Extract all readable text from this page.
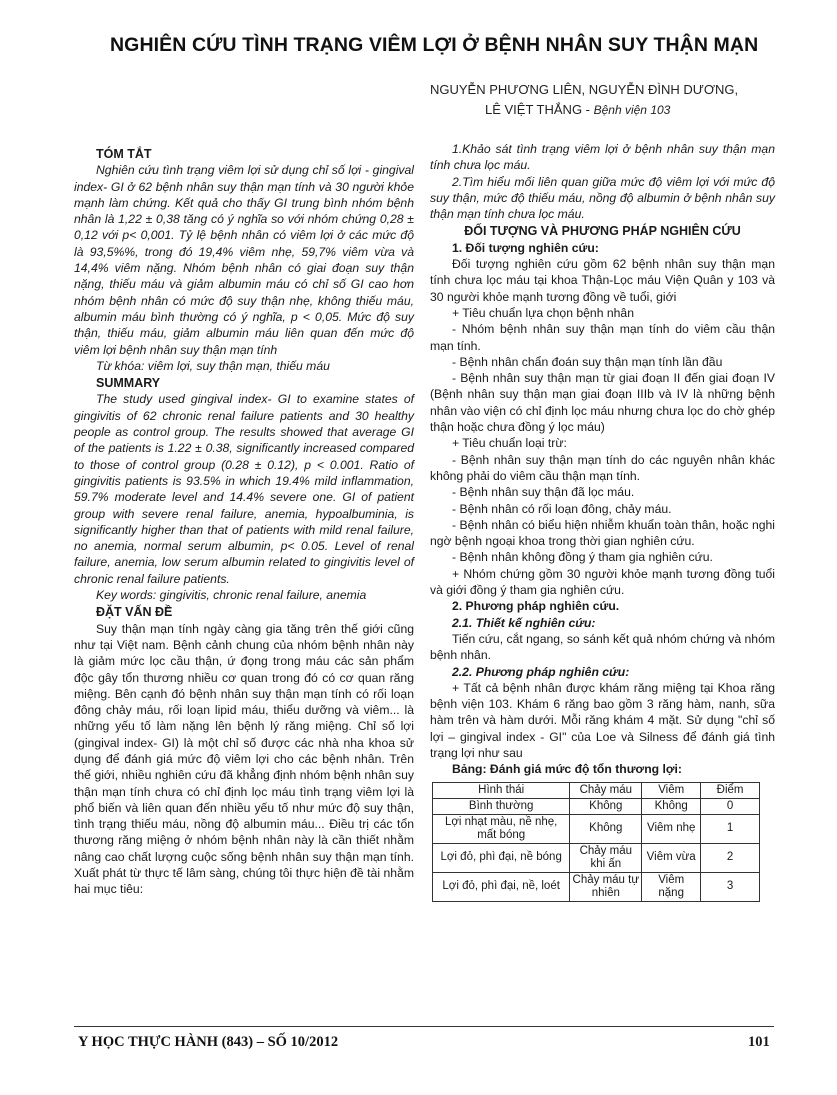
NGHIÊN CỨU TÌNH TRẠNG VIÊM LỢI Ở BỆNH NHÂN SUY THẬN MẠN
NGUYỄN PHƯƠNG LIÊN, NGUYỄN ĐÌNH DƯƠNG,
LÊ VIỆT THẮNG - Bệnh viện 103
TÓM TẮT

Nghiên cứu tình trạng viêm lợi sử dụng chỉ số lợi - gingival index- GI ở 62 bệnh nhân suy thận mạn tính và 30 người khỏe mạnh làm chứng. Kết quả cho thấy GI trung bình nhóm bệnh nhân là 1,22 ± 0,38 tăng có ý nghĩa so với nhóm chứng 0,28 ± 0,12 với p< 0,001. Tỷ lệ bệnh nhân có viêm lợi ở các mức độ là 93,5%%, trong đó 19,4% viêm nhẹ, 59,7% viêm vừa và 14,4% viêm nặng. Nhóm bệnh nhân có giai đoạn suy thận nặng, thiếu máu và giảm albumin máu có chỉ số GI cao hơn nhóm bệnh nhân có mức độ suy thận nhẹ, không thiếu máu, albumin máu bình thường có ý nghĩa, p < 0,05. Mức độ suy thận, thiếu máu, giảm albumin máu liên quan đến mức độ viêm lợi bệnh nhân suy thận mạn tính

Từ khóa: viêm lợi, suy thận mạn, thiếu máu

SUMMARY

The study used gingival index- GI to examine states of gingivitis of 62 chronic renal failure patients and 30 healthy people as control group. The results showed that average GI of the patients is 1.22 ± 0.38, significantly increased compared to those of control group (0.28 ± 0.12), p < 0.001. Ratio of gingivitis patients is 93.5% in which 19.4% mild inflammation, 59.7% moderate level and 14.4% severe one. GI of patient group with severe renal failure, anemia, hypoalbuminia, is significantly higher than that of patients with mild renal failure, no anemia, normal serum albumin, p< 0.05. Level of renal failure, anemia, low serum albumin related to gingivitis level of chronic renal failure patients.

Key words: gingivitis, chronic renal failure, anemia

ĐẶT VẤN ĐỀ

Suy thận mạn tính ngày càng gia tăng trên thế giới cũng như tại Việt nam. Bệnh cảnh chung của nhóm bệnh nhân này là giảm mức lọc cầu thận, ứ đọng trong máu các sản phẩm độc gây tổn thương nhiều cơ quan trong đó có cơ quan răng miệng. Bên cạnh đó bệnh nhân suy thận mạn tính có rối loạn đông chảy máu, rối loạn lipid máu, thiểu dưỡng và viêm... là những yếu tố làm nặng lên bệnh lý răng miệng. Chỉ số lợi (gingival index- GI) là một chỉ số được các nhà nha khoa sử dụng để đánh giá mức độ viêm lợi cho các bệnh nhân. Trên thế giới, nhiều nghiên cứu đã khẳng định nhóm bệnh nhân suy thận mạn tính chưa có chỉ định lọc máu tình trạng viêm lợi là phổ biến và liên quan đến nhiều yếu tố như mức độ suy thận, tình trạng thiếu máu, nồng độ albumin máu... Điều trị các tổn thương răng miệng ở nhóm bệnh nhân này là cần thiết nhằm nâng cao chất lượng cuộc sống bệnh nhân suy thận mạn tính. Xuất phát từ thực tế lâm sàng, chúng tôi thực hiện đề tài nhằm hai mục tiêu:

1.Khảo sát tình trạng viêm lợi ở bệnh nhân suy thận mạn tính chưa lọc máu.

2.Tìm hiểu mối liên quan giữa mức độ viêm lợi với mức độ suy thận, mức độ thiếu máu, nồng độ albumin ở bệnh nhân suy thận mạn tính chưa lọc máu.

ĐỐI TƯỢNG VÀ PHƯƠNG PHÁP NGHIÊN CỨU
1. Đối tượng nghiên cứu:

Đối tượng nghiên cứu gồm 62 bệnh nhân suy thận mạn tính chưa lọc máu tại khoa Thận-Lọc máu Viện Quân y 103 và 30 người khỏe mạnh tương đồng về tuổi, giới

+ Tiêu chuẩn lựa chọn bệnh nhân

- Nhóm bệnh nhân suy thận mạn tính do viêm cầu thận mạn tính.

- Bệnh nhân chẩn đoán suy thận mạn tính lần đầu

- Bệnh nhân suy thận mạn từ giai đoạn II đến giai đoạn IV (Bệnh nhân suy thận mạn giai đoạn IIIb và IV là những bệnh nhân vào viện có chỉ định lọc máu nhưng chưa lọc do chờ ghép thận hoặc chưa đồng ý lọc máu)

+ Tiêu chuẩn loại trừ:

- Bệnh nhân suy thận mạn tính do các nguyên nhân khác không phải do viêm cầu thận mạn tính.

- Bệnh nhân suy thận đã lọc máu.

- Bệnh nhân có rối loạn đông, chảy máu.

- Bệnh nhân có biểu hiện nhiễm khuẩn toàn thân, hoặc nghi ngờ bệnh ngoại khoa trong thời gian nghiên cứu.

- Bệnh nhân không đồng ý tham gia nghiên cứu.

+ Nhóm chứng gồm 30 người khỏe mạnh tương đồng tuổi và giới đồng ý tham gia nghiên cứu.

2. Phương pháp nghiên cứu.
2.1. Thiết kế nghiên cứu:

Tiến cứu, cắt ngang, so sánh kết quả nhóm chứng và nhóm bệnh nhân.

2.2. Phương pháp nghiên cứu:

+ Tất cả bệnh nhân được khám răng miệng tại Khoa răng bệnh viện 103. Khám 6 răng bao gồm 3 răng hàm, nanh, sữa hàm trên và hàm dưới. Mỗi răng khám 4 mặt. Sử dụng "chỉ số lợi – gingival index - GI" của Loe và Silness để đánh giá tình trạng lợi như sau

Bảng: Đánh giá mức độ tổn thương lợi:
Hình thái	Chảy máu	Viêm	Điểm
Bình thường	Không	Không	0
Lợi nhạt màu, nề nhẹ, mất bóng	Không	Viêm nhẹ	1
Lợi đỏ, phì đại, nề bóng	Chảy máu khi ấn	Viêm vừa	2
Lợi đỏ, phì đại, nề, loét	Chảy máu tự nhiên	Viêm nặng	3
Y HỌC THỰC HÀNH (843) – SỐ 10/2012	101
